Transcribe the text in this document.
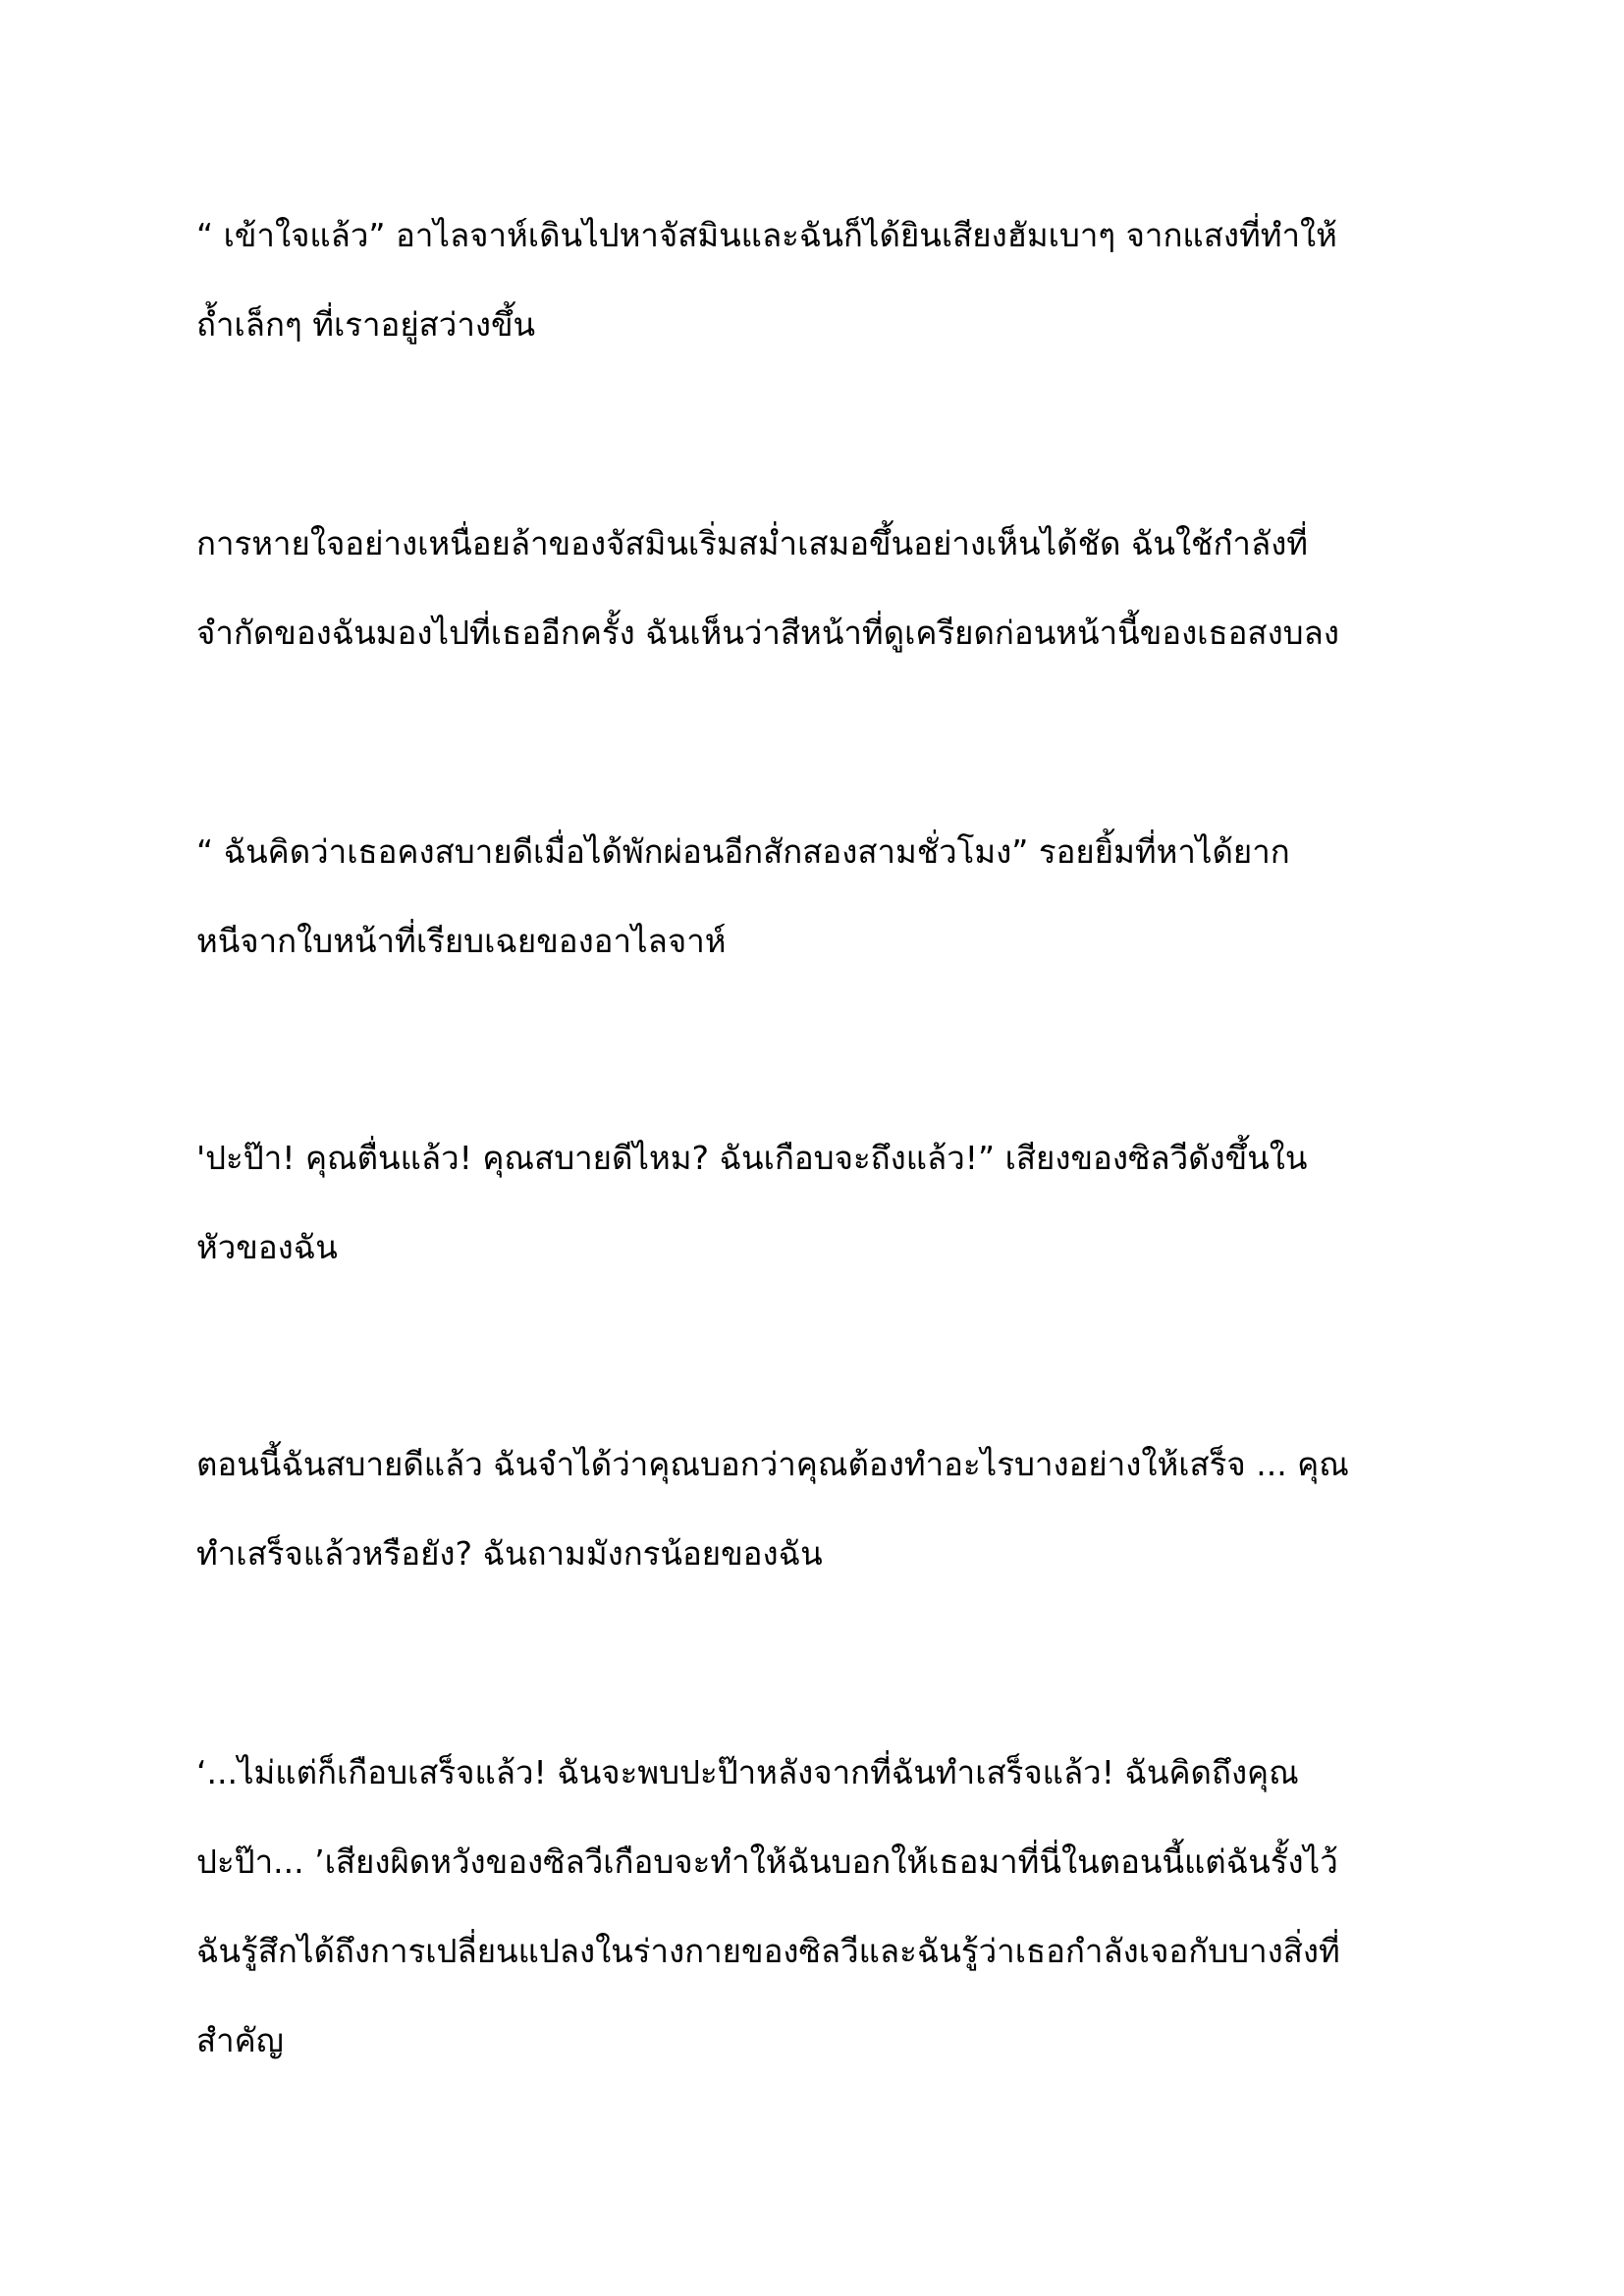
“ เข้าใจแล้ว” อาไลจาห์เดินไปหาจัสมินและฉันก็ได้ยินเสียงฮัมเบาๆ จากแสงที่ทำให้
ถ้ำเล็กๆ ที่เราอยู่สว่างขึ้น

การหายใจอย่างเหนื่อยล้าของจัสมินเริ่มสม่ำเสมอขึ้นอย่างเห็นได้ชัด ฉันใช้กำลังที่
จำกัดของฉันมองไปที่เธออีกครั้ง ฉันเห็นว่าสีหน้าที่ดูเครียดก่อนหน้านี้ของเธอสงบลง

“ ฉันคิดว่าเธอคงสบายดีเมื่อได้พักผ่อนอีกสักสองสามชั่วโมง” รอยยิ้มที่หาได้ยาก
หนีจากใบหน้าที่เรียบเฉยของอาไลจาห์

'ปะป๊า! คุณตื่นแล้ว! คุณสบายดีไหม? ฉันเกือบจะถึงแล้ว!” เสียงของซิลวีดังขึ้นใน
หัวของฉัน

ตอนนี้ฉันสบายดีแล้ว ฉันจำได้ว่าคุณบอกว่าคุณต้องทำอะไรบางอย่างให้เสร็จ ... คุณ
ทำเสร็จแล้วหรือยัง? ฉันถามมังกรน้อยของฉัน

‘...ไม่แต่ก็เกือบเสร็จแล้ว! ฉันจะพบปะป๊าหลังจากที่ฉันทำเสร็จแล้ว! ฉันคิดถึงคุณ
ปะป๊า... ’เสียงผิดหวังของซิลวีเกือบจะทำให้ฉันบอกให้เธอมาที่นี่ในตอนนี้แต่ฉันรั้งไว้
ฉันรู้สึกได้ถึงการเปลี่ยนแปลงในร่างกายของซิลวีและฉันรู้ว่าเธอกำลังเจอกับบางสิ่งที่
สำคัญ
